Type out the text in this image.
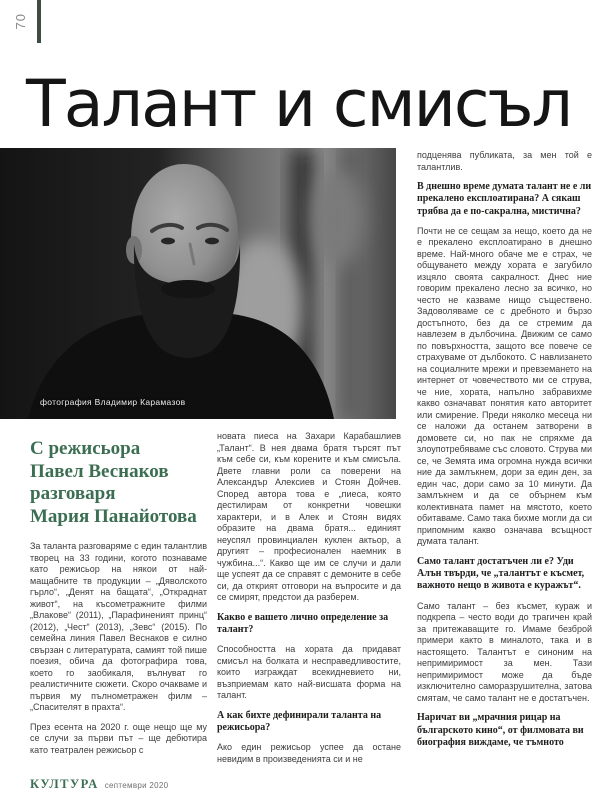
70
Талант и смисъл
фотография Владимир Карамазов
С режисьора
Павел Веснаков
разговаря
Мария Панайотова

За таланта разговаряме с един талантлив творец на 33 години, когото познаваме като режисьор на някои от най-мащабните тв продукции – „Дяволското гърло“, „Денят на бащата“, „Откраднат живот“, на късометражните филми „Влакове“ (2011), „Парафиненият принц“ (2012), „Чест“ (2013), „Зевс“ (2015). По семейна линия Павел Веснаков е силно свързан с литературата, самият той пише поезия, обича да фотографира това, което го заобикаля, вълнуват го реалистичните сюжети. Скоро очакваме и първия му пълнометражен филм – „Спасителят в прахта“.

През есента на 2020 г. още нещо ще му се случи за първи път – ще дебютира като театрален режисьор с

новата пиеса на Захари Карабашлиев „Талант“. В нея двама братя търсят път към себе си, към корените и към смисъла. Двете главни роли са поверени на Александър Алексиев и Стоян Дойчев. Според автора това е „пиеса, която дестилирам от конкретни човешки характери, и в Алек и Стоян видях образите на двама братя... единият неуспял провинциален куклен актьор, а другият – професионален наемник в чужбина...“. Какво ще им се случи и дали ще успеят да се справят с демоните в себе си, да открият отговори на въпросите и да се смирят, предстои да разберем.

Какво е вашето лично определение за талант?

Способността на хората да придават смисъл на болката и несправедливостите, които изграждат всекидневието ни, възприемам като най-висшата форма на талант.

А как бихте дефинирали таланта на режисьора?

Ако един режисьор успее да остане невидим в произведенията си и не

подценява публиката, за мен той е талантлив.

В днешно време думата талант не е ли прекалено експлоатирана? А сякаш трябва да е по-сакрална, мистична?

Почти не се сещам за нещо, което да не е прекалено експлоатирано в днешно време. Най-много обаче ме е страх, че общуването между хората е загубило изцяло своята сакралност. Днес ние говорим прекалено лесно за всичко, но често не казваме нищо съществено. Задоволяваме се с дребното и бързо достъпното, без да се стремим да навлезем в дълбочина. Движим се само по повърхността, защото все повече се страхуваме от дълбокото. С навлизането на социалните мрежи и превземането на интернет от човечеството ми се струва, че ние, хората, напълно забравихме какво означават понятия като авторитет или смирение. Преди няколко месеца ни се наложи да останем затворени в домовете си, но пак не спряхме да злоупотребяваме със словото. Струва ми се, че Земята има огромна нужда всички ние да замлъкнем, дори за един ден, за един час, дори само за 10 минути. Да замлъкнем и да се обърнем към колективната памет на мястото, което обитаваме. Само така бихме могли да си припомним какво означава всъщност думата талант.

Само талант достатъчен ли е? Уди Алън твърди, че „талантът е късмет, важното нещо в живота е куражът“.

Само талант – без късмет, кураж и подкрепа – често води до трагичен край за притежаващите го. Имаме безброй примери както в миналото, така и в настоящето. Талантът е синоним на непримиримост за мен. Тази непримиримост може да бъде изключително саморазрушителна, затова смятам, че само талант не е достатъчен.

Наричат ви „мрачния рицар на българското кино“, от филмовата ви биография виждаме, че тъмното
КУЛТУРА септември 2020
